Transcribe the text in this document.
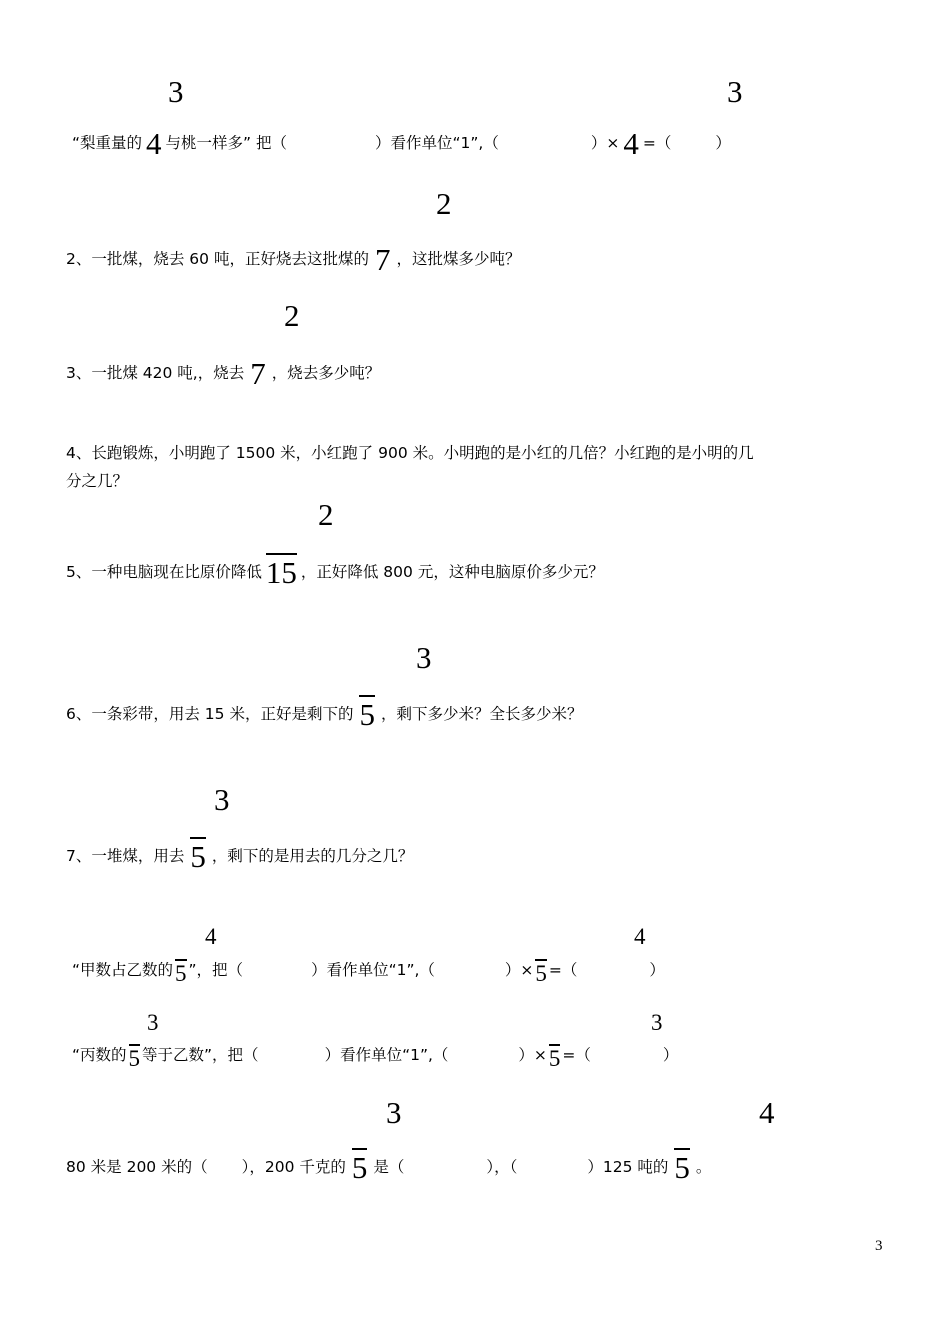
3	3
“梨重量的 4 与桃一样多” 把（	）看作单位“1”,（	）× 4 =（	）
2
2、一批煤，烧去 60 吨，正好烧去这批煤的 7 ，这批煤多少吨？
2
3、一批煤 420 吨,，烧去 7 ，烧去多少吨？
4、长跑锻炼，小明跑了 1500 米，小红跑了 900 米。小明跑的是小红的几倍？小红跑的是小明的几
分之几？
2
5、一种电脑现在比原价降低 15 ，正好降低 800 元，这种电脑原价多少元？
3
6、一条彩带，用去 15 米，正好是剩下的 5 ，剩下多少米？全长多少米？
3
7、一堆煤，用去 5 ，剩下的是用去的几分之几？
4	4
“甲数占乙数的5 ”，把（	）看作单位“1”,（	）×5 =（	）
3	3
“丙数的5 等于乙数”，把（	）看作单位“1”,（	）×5 =（	）
3	4
80 米是 200 米的（ ），200 千克的 5 是（	），（	）125 吨的 5 。
3
